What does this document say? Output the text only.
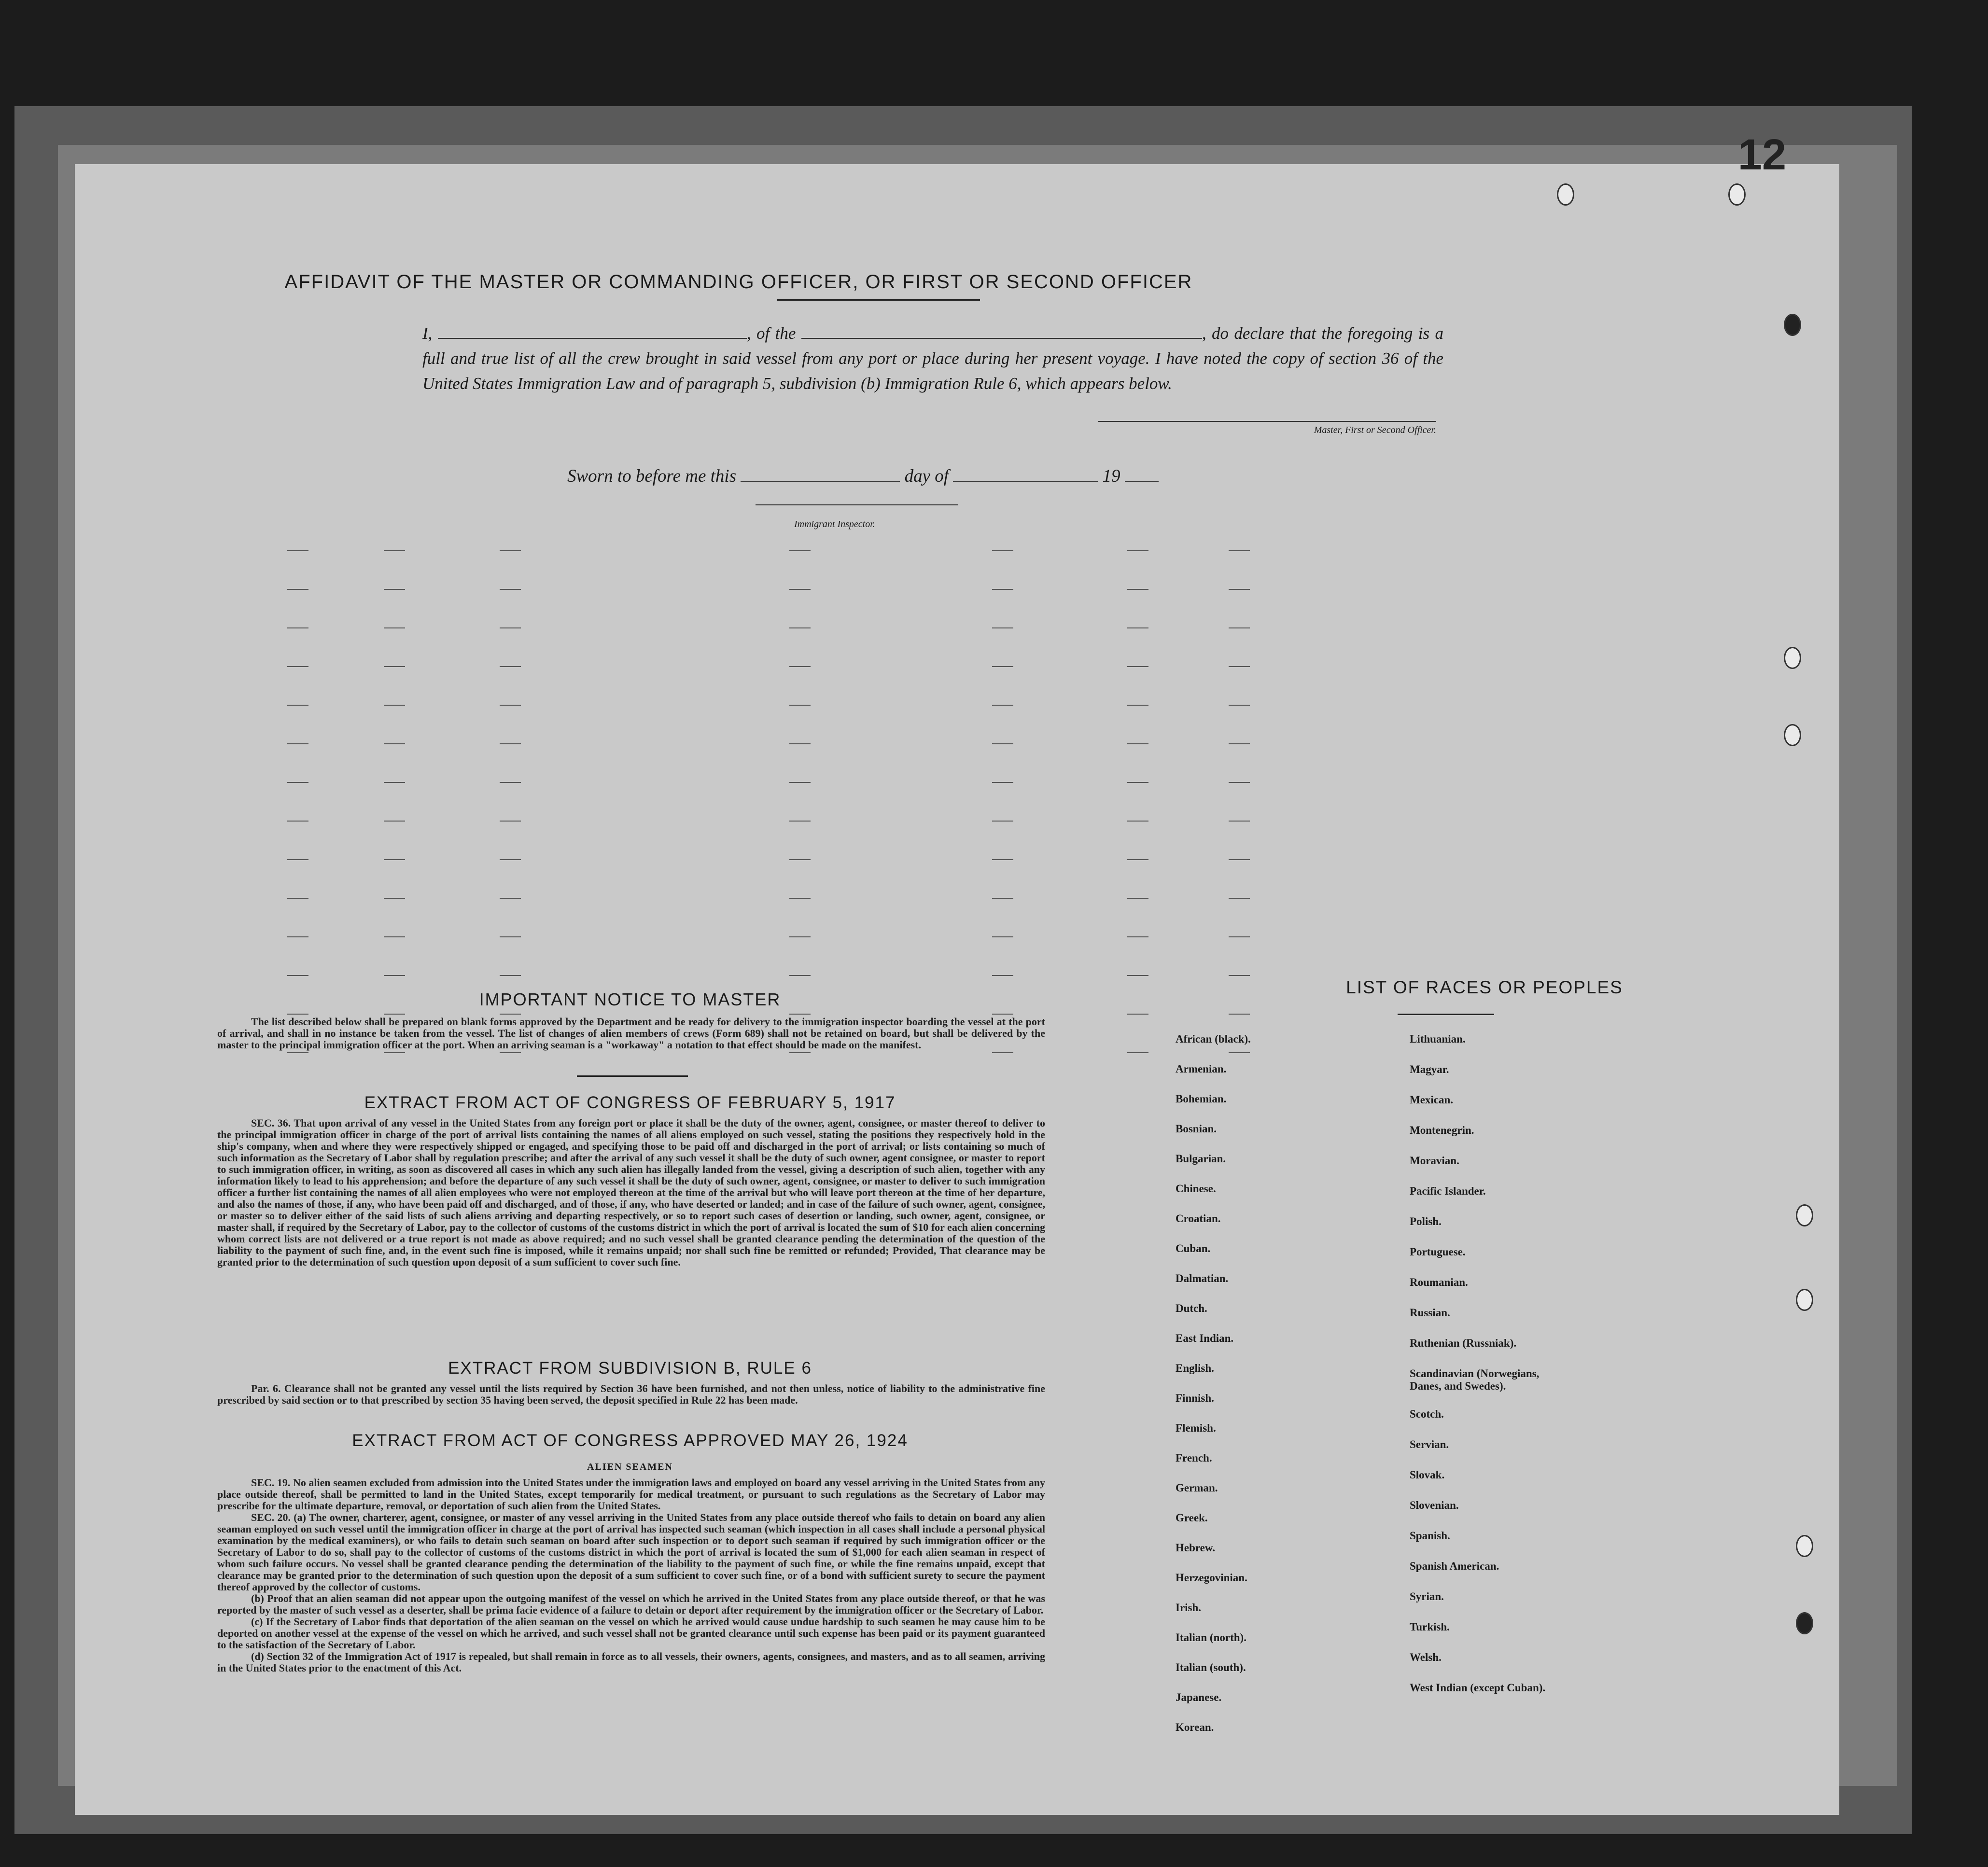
12
AFFIDAVIT OF THE MASTER OR COMMANDING OFFICER, OR FIRST OR SECOND OFFICER
I,	, of the	, do declare that the foregoing is a full and true list of all the crew brought in said vessel from any port or place during her present voyage. I have noted the copy of section 36 of the United States Immigration Law and of paragraph 5, subdivision (b) Immigration Rule 6, which appears below.
Master, First or Second Officer.
Sworn to before me this	day of	19
Immigrant Inspector.
IMPORTANT NOTICE TO MASTER
The list described below shall be prepared on blank forms approved by the Department and be ready for delivery to the immigration inspector boarding the vessel at the port of arrival, and shall in no instance be taken from the vessel. The list of changes of alien members of crews (Form 689) shall not be retained on board, but shall be delivered by the master to the principal immigration officer at the port. When an arriving seaman is a "workaway" a notation to that effect should be made on the manifest.
EXTRACT FROM ACT OF CONGRESS OF FEBRUARY 5, 1917
SEC. 36. That upon arrival of any vessel in the United States from any foreign port or place it shall be the duty of the owner, agent, consignee, or master thereof to deliver to the principal immigration officer in charge of the port of arrival lists containing the names of all aliens employed on such vessel, stating the positions they respectively hold in the ship's company, when and where they were respectively shipped or engaged, and specifying those to be paid off and discharged in the port of arrival; or lists containing so much of such information as the Secretary of Labor shall by regulation prescribe; and after the arrival of any such vessel it shall be the duty of such owner, agent consignee, or master to report to such immigration officer, in writing, as soon as discovered all cases in which any such alien has illegally landed from the vessel, giving a description of such alien, together with any information likely to lead to his apprehension; and before the departure of any such vessel it shall be the duty of such owner, agent, consignee, or master to deliver to such immigration officer a further list containing the names of all alien employees who were not employed thereon at the time of the arrival but who will leave port thereon at the time of her departure, and also the names of those, if any, who have been paid off and discharged, and of those, if any, who have deserted or landed; and in case of the failure of such owner, agent, consignee, or master so to deliver either of the said lists of such aliens arriving and departing respectively, or so to report such cases of desertion or landing, such owner, agent, consignee, or master shall, if required by the Secretary of Labor, pay to the collector of customs of the customs district in which the port of arrival is located the sum of $10 for each alien concerning whom correct lists are not delivered or a true report is not made as above required; and no such vessel shall be granted clearance pending the determination of the question of the liability to the payment of such fine, and, in the event such fine is imposed, while it remains unpaid; nor shall such fine be remitted or refunded; Provided, That clearance may be granted prior to the determination of such question upon deposit of a sum sufficient to cover such fine.
EXTRACT FROM SUBDIVISION B, RULE 6
Par. 6. Clearance shall not be granted any vessel until the lists required by Section 36 have been furnished, and not then unless, notice of liability to the administrative fine prescribed by said section or to that prescribed by section 35 having been served, the deposit specified in Rule 22 has been made.
EXTRACT FROM ACT OF CONGRESS APPROVED MAY 26, 1924
ALIEN SEAMEN

SEC. 19. No alien seamen excluded from admission into the United States under the immigration laws and employed on board any vessel arriving in the United States from any place outside thereof, shall be permitted to land in the United States, except temporarily for medical treatment, or pursuant to such regulations as the Secretary of Labor may prescribe for the ultimate departure, removal, or deportation of such alien from the United States.

SEC. 20. (a) The owner, charterer, agent, consignee, or master of any vessel arriving in the United States from any place outside thereof who fails to detain on board any alien seaman employed on such vessel until the immigration officer in charge at the port of arrival has inspected such seaman (which inspection in all cases shall include a personal physical examination by the medical examiners), or who fails to detain such seaman on board after such inspection or to deport such seaman if required by such immigration officer or the Secretary of Labor to do so, shall pay to the collector of customs of the customs district in which the port of arrival is located the sum of $1,000 for each alien seaman in respect of whom such failure occurs. No vessel shall be granted clearance pending the determination of the liability to the payment of such fine, or while the fine remains unpaid, except that clearance may be granted prior to the determination of such question upon the deposit of a sum sufficient to cover such fine, or of a bond with sufficient surety to secure the payment thereof approved by the collector of customs.

(b) Proof that an alien seaman did not appear upon the outgoing manifest of the vessel on which he arrived in the United States from any place outside thereof, or that he was reported by the master of such vessel as a deserter, shall be prima facie evidence of a failure to detain or deport after requirement by the immigration officer or the Secretary of Labor.

(c) If the Secretary of Labor finds that deportation of the alien seaman on the vessel on which he arrived would cause undue hardship to such seamen he may cause him to be deported on another vessel at the expense of the vessel on which he arrived, and such vessel shall not be granted clearance until such expense has been paid or its payment guaranteed to the satisfaction of the Secretary of Labor.

(d) Section 32 of the Immigration Act of 1917 is repealed, but shall remain in force as to all vessels, their owners, agents, consignees, and masters, and as to all seamen, arriving in the United States prior to the enactment of this Act.

LIST OF RACES OR PEOPLES
African (black).
Armenian.
Bohemian.
Bosnian.
Bulgarian.
Chinese.
Croatian.
Cuban.
Dalmatian.
Dutch.
East Indian.
English.
Finnish.
Flemish.
French.
German.
Greek.
Hebrew.
Herzegovinian.
Irish.
Italian (north).
Italian (south).
Japanese.
Korean.
Lithuanian.
Magyar.
Mexican.
Montenegrin.
Moravian.
Pacific Islander.
Polish.
Portuguese.
Roumanian.
Russian.
Ruthenian (Russniak).
Scandinavian (Norwegians, Danes, and Swedes).
Scotch.
Servian.
Slovak.
Slovenian.
Spanish.
Spanish American.
Syrian.
Turkish.
Welsh.
West Indian (except Cuban).
